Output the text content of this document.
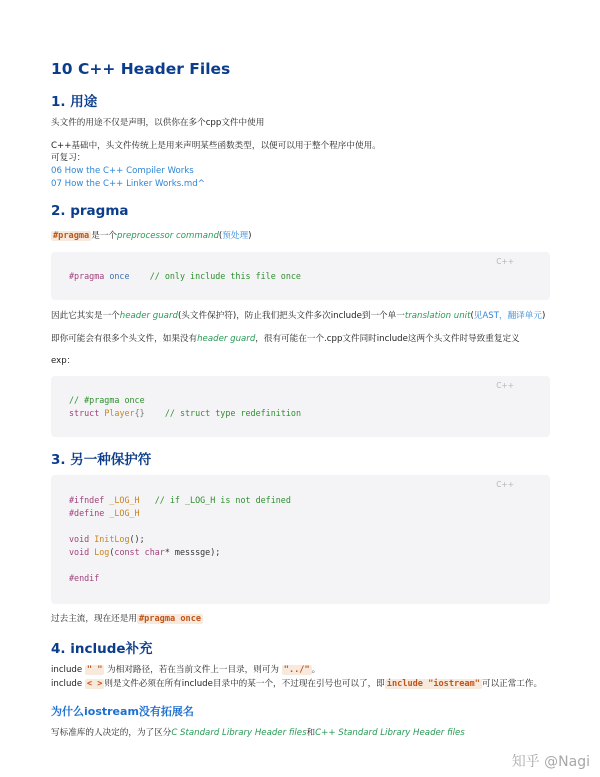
10 C++ Header Files
1. 用途
头文件的用途不仅是声明，以供你在多个cpp文件中使用
C++基础中，头文件传统上是用来声明某些函数类型，以便可以用于整个程序中使用。
可复习：
06 How the C++ Compiler Works
07 How the C++ Linker Works.md^
2. pragma
#pragma 是一个preprocessor command(预处理)
C++
#pragma once // only include this file once
因此它其实是一个header guard(头文件保护符)，防止我们把头文件多次include到一个单一translation unit(见AST，翻译单元)
即你可能会有很多个头文件，如果没有header guard，很有可能在一个.cpp文件同时include这两个头文件时导致重复定义
exp：
C++
// #pragma once
struct Player{} // struct type redefinition
3. 另一种保护符
C++
#ifndef _LOG_H // if _LOG_H is not defined
#define _LOG_H

void InitLog();
void Log(const char* messsge);

#endif
过去主流，现在还是用 #pragma once
4. include补充
include " " 为相对路径，若在当前文件上一目录，则可为 "../" 。
include < > 则是文件必须在所有include目录中的某一个，不过现在引号也可以了，即 include "iostream" 可以正常工作。
为什么iostream没有拓展名
写标准库的人决定的，为了区分C Standard Library Header files和C++ Standard Library Header files
知乎 @Nagi
